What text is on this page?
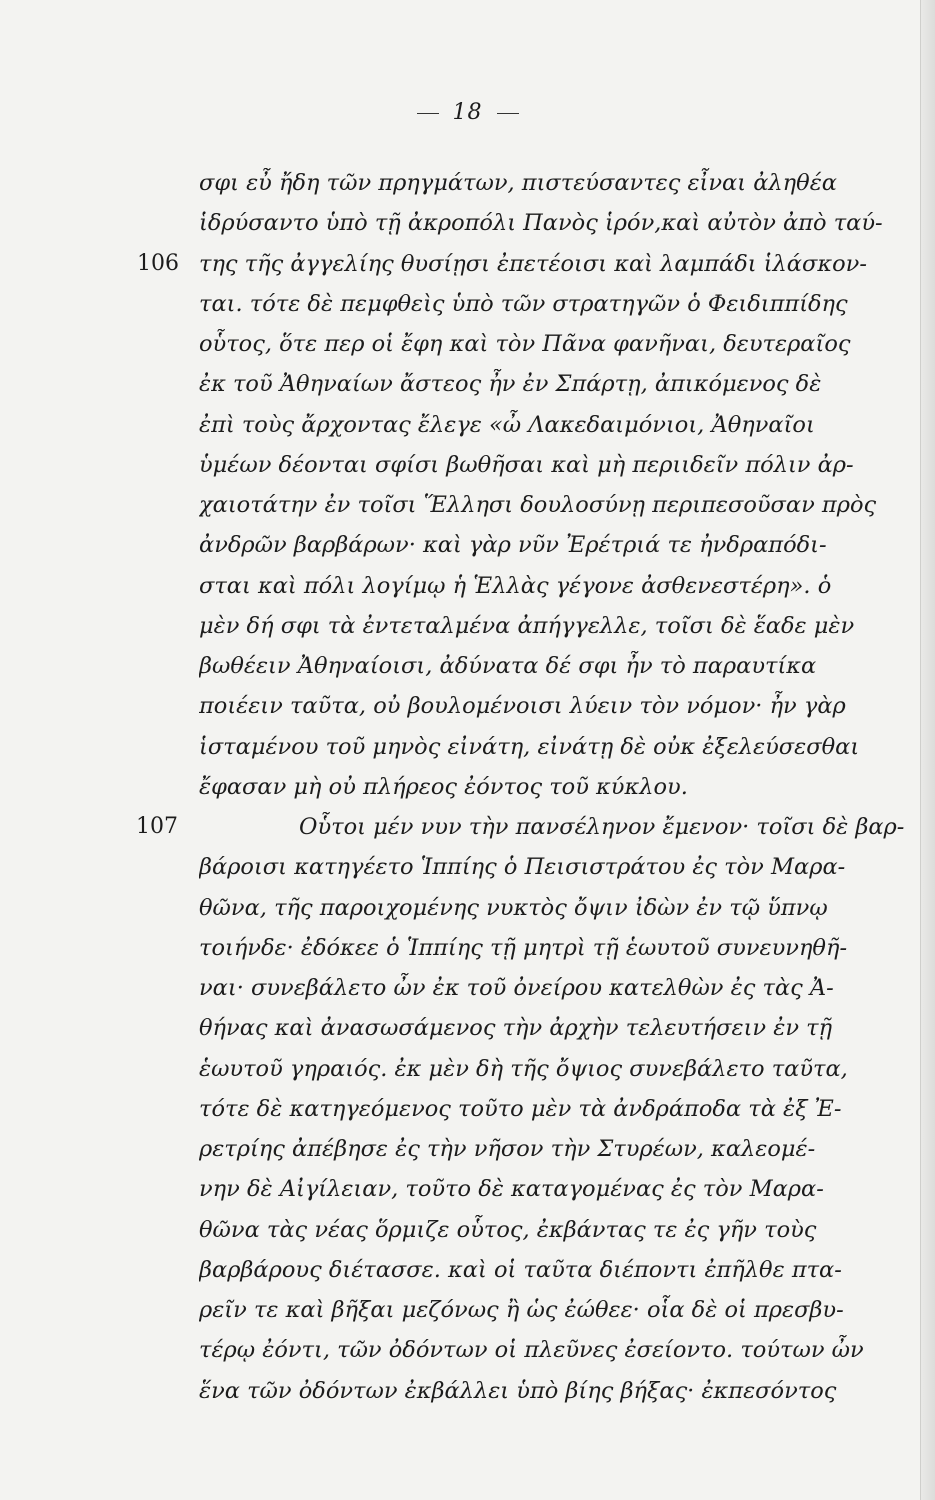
18
σφι εὖ ἤδη τῶν πρηγμάτων, πιστεύσαντες εἶναι ἀληθέα
ἱδρύσαντο ὑπὸ τῇ ἀκροπόλι Πανὸς ἱρόν,καὶ αὐτὸν ἀπὸ ταύ-
106 της τῆς ἀγγελίης θυσίῃσι ἐπετέοισι καὶ λαμπάδι ἱλάσκον-
ται. τότε δὲ πεμφθεὶς ὑπὸ τῶν στρατηγῶν ὁ Φειδιππίδης
οὗτος, ὅτε περ οἱ ἔφη καὶ τὸν Πᾶνα φανῆναι, δευτεραῖος
ἐκ τοῦ Ἀθηναίων ἄστεος ἦν ἐν Σπάρτῃ, ἀπικόμενος δὲ
ἐπὶ τοὺς ἄρχοντας ἔλεγε «ὦ Λακεδαιμόνιοι, Ἀθηναῖοι
ὑμέων δέονται σφίσι βωθῆσαι καὶ μὴ περιιδεῖν πόλιν ἀρ-
χαιοτάτην ἐν τοῖσι Ἕλλησι δουλοσύνῃ περιπεσοῦσαν πρὸς
ἀνδρῶν βαρβάρων· καὶ γὰρ νῦν Ἐρέτριά τε ἠνδραπόδι-
σται καὶ πόλι λογίμῳ ἡ Ἑλλὰς γέγονε ἀσθενεστέρη». ὁ
μὲν δή σφι τὰ ἐντεταλμένα ἀπήγγελλε, τοῖσι δὲ ἕαδε μὲν
βωθέειν Ἀθηναίοισι, ἀδύνατα δέ σφι ἦν τὸ παραυτίκα
ποιέειν ταῦτα, οὐ βουλομένοισι λύειν τὸν νόμον· ἦν γὰρ
ἱσταμένου τοῦ μηνὸς εἰνάτη, εἰνάτῃ δὲ οὐκ ἐξελεύσεσθαι
ἔφασαν μὴ οὐ πλήρεος ἐόντος τοῦ κύκλου.
107	Οὗτοι μέν νυν τὴν πανσέληνον ἔμενον· τοῖσι δὲ βαρ-
βάροισι κατηγέετο Ἱππίης ὁ Πεισιστράτου ἐς τὸν Μαρα-
θῶνα, τῆς παροιχομένης νυκτὸς ὄψιν ἰδὼν ἐν τῷ ὕπνῳ
τοιήνδε· ἐδόκεε ὁ Ἱππίης τῇ μητρὶ τῇ ἑωυτοῦ συνευνηθῆ-
ναι· συνεβάλετο ὦν ἐκ τοῦ ὀνείρου κατελθὼν ἐς τὰς Ἀ-
θήνας καὶ ἀνασωσάμενος τὴν ἀρχὴν τελευτήσειν ἐν τῇ
ἑωυτοῦ γηραιός. ἐκ μὲν δὴ τῆς ὄψιος συνεβάλετο ταῦτα,
τότε δὲ κατηγεόμενος τοῦτο μὲν τὰ ἀνδράποδα τὰ ἐξ Ἐ-
ρετρίης ἀπέβησε ἐς τὴν νῆσον τὴν Στυρέων, καλεομέ-
νην δὲ Αἰγίλειαν, τοῦτο δὲ καταγομένας ἐς τὸν Μαρα-
θῶνα τὰς νέας ὅρμιζε οὗτος, ἐκβάντας τε ἐς γῆν τοὺς
βαρβάρους διέτασσε. καὶ οἱ ταῦτα διέποντι ἐπῆλθε πτα-
ρεῖν τε καὶ βῆξαι μεζόνως ἢ ὡς ἐώθεε· οἷα δὲ οἱ πρεσβυ-
τέρῳ ἐόντι, τῶν ὀδόντων οἱ πλεῦνες ἐσείοντο. τούτων ὦν
ἕνα τῶν ὀδόντων ἐκβάλλει ὑπὸ βίης βήξας· ἐκπεσόντος
